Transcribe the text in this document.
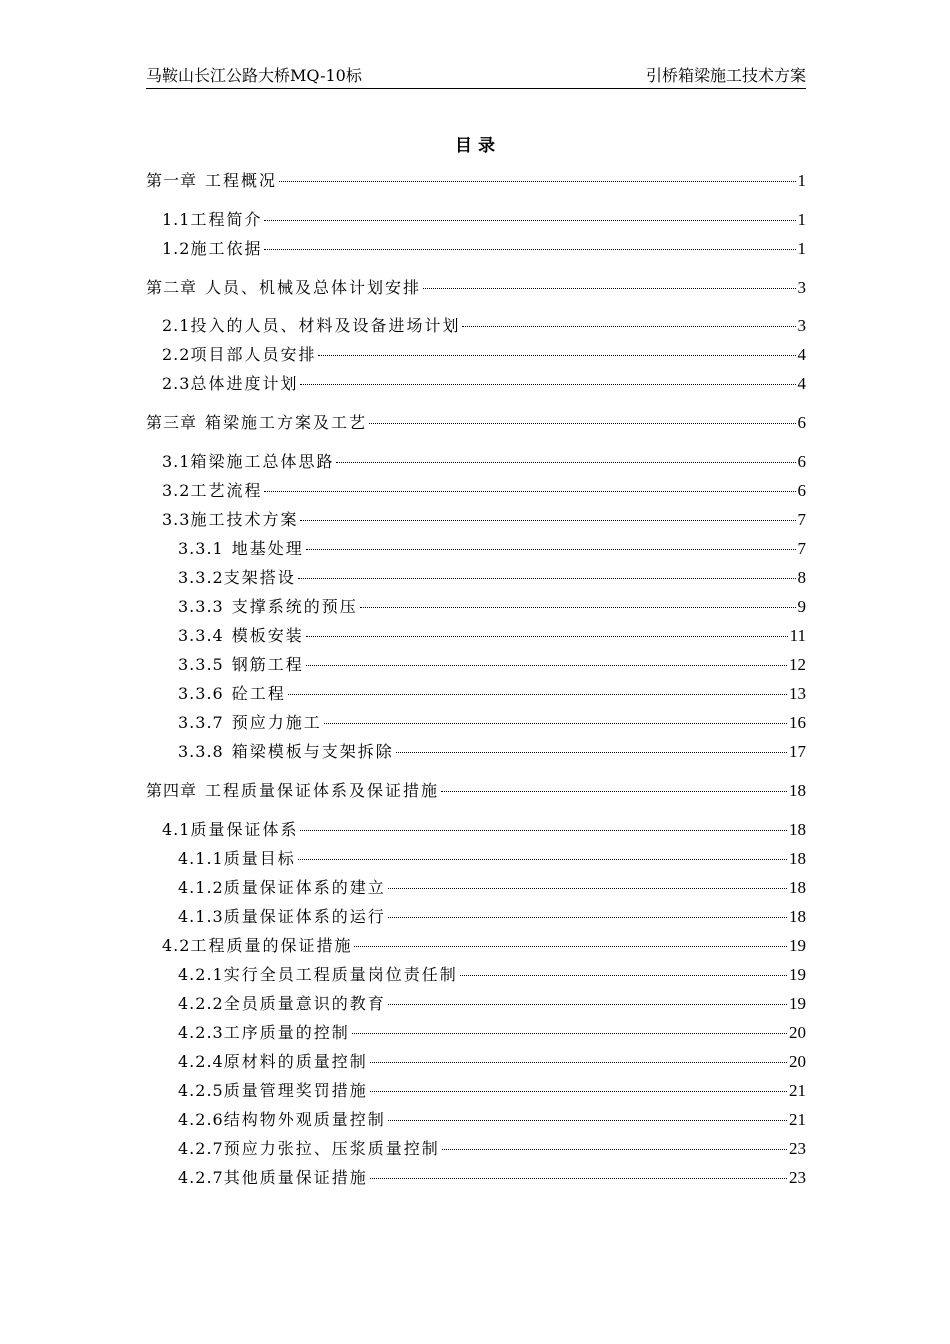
马鞍山长江公路大桥MQ-10标	引桥箱梁施工技术方案
目 录
第一章 工程概况	1
1.1 工程简介	1
1.2 施工依据	1
第二章 人员、机械及总体计划安排	3
2.1 投入的人员、材料及设备进场计划	3
2.2 项目部人员安排	4
2.3 总体进度计划	4
第三章 箱梁施工方案及工艺	6
3.1 箱梁施工总体思路	6
3.2 工艺流程	6
3.3 施工技术方案	7
3.3.1 地基处理	7
3.3.2 支架搭设	8
3.3.3 支撑系统的预压	9
3.3.4 模板安装	11
3.3.5 钢筋工程	12
3.3.6 砼工程	13
3.3.7 预应力施工	16
3.3.8 箱梁模板与支架拆除	17
第四章 工程质量保证体系及保证措施	18
4.1 质量保证体系	18
4.1.1 质量目标	18
4.1.2 质量保证体系的建立	18
4.1.3 质量保证体系的运行	18
4.2 工程质量的保证措施	19
4.2.1 实行全员工程质量岗位责任制	19
4.2.2 全员质量意识的教育	19
4.2.3 工序质量的控制	20
4.2.4 原材料的质量控制	20
4.2.5 质量管理奖罚措施	21
4.2.6 结构物外观质量控制	21
4.2.7 预应力张拉、压浆质量控制	23
4.2.7 其他质量保证措施	23
